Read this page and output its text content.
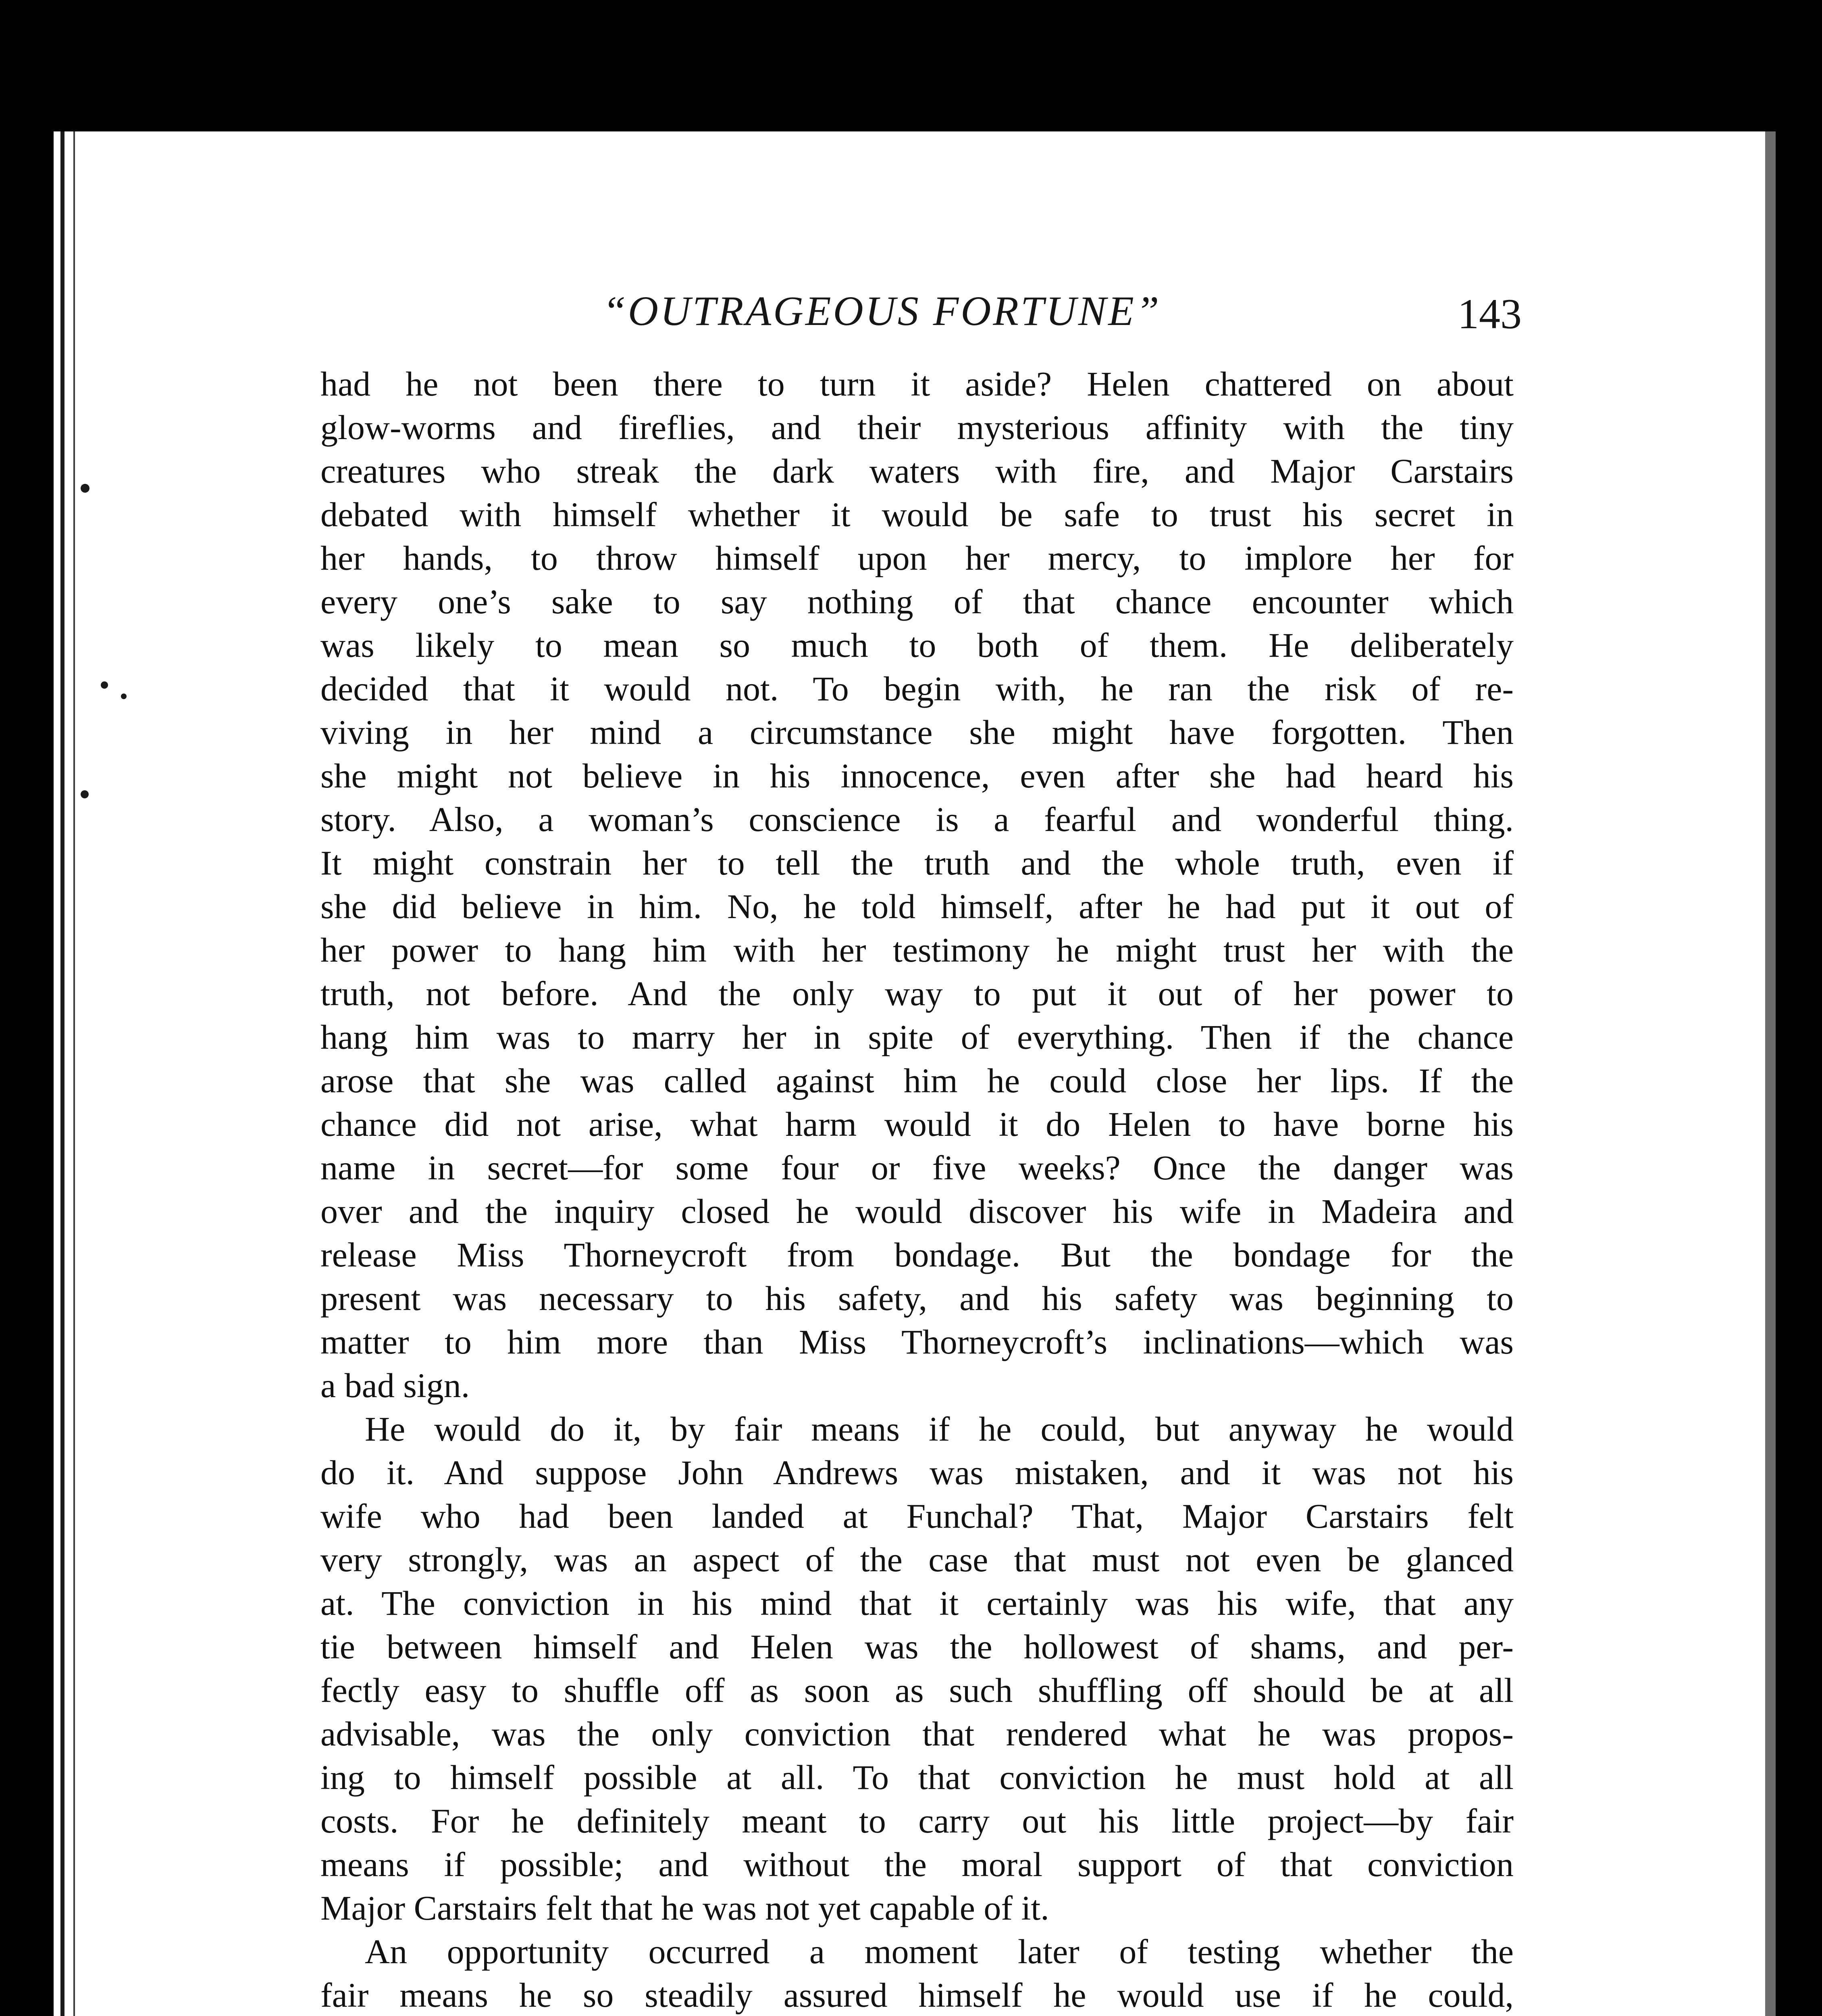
“OUTRAGEOUS FORTUNE”	143
had he not been there to turn it aside? Helen chattered on about
glow-worms and fireflies, and their mysterious affinity with the tiny
creatures who streak the dark waters with fire, and Major Carstairs
debated with himself whether it would be safe to trust his secret in
her hands, to throw himself upon her mercy, to implore her for
every one’s sake to say nothing of that chance encounter which
was likely to mean so much to both of them. He deliberately
decided that it would not. To begin with, he ran the risk of re-
viving in her mind a circumstance she might have forgotten. Then
she might not believe in his innocence, even after she had heard his
story. Also, a woman’s conscience is a fearful and wonderful thing.
It might constrain her to tell the truth and the whole truth, even if
she did believe in him. No, he told himself, after he had put it out of
her power to hang him with her testimony he might trust her with the
truth, not before. And the only way to put it out of her power to
hang him was to marry her in spite of everything. Then if the chance
arose that she was called against him he could close her lips. If the
chance did not arise, what harm would it do Helen to have borne his
name in secret—for some four or five weeks? Once the danger was
over and the inquiry closed he would discover his wife in Madeira and
release Miss Thorneycroft from bondage. But the bondage for the
present was necessary to his safety, and his safety was beginning to
matter to him more than Miss Thorneycroft’s inclinations—which was
a bad sign.
He would do it, by fair means if he could, but anyway he would
do it. And suppose John Andrews was mistaken, and it was not his
wife who had been landed at Funchal? That, Major Carstairs felt
very strongly, was an aspect of the case that must not even be glanced
at. The conviction in his mind that it certainly was his wife, that any
tie between himself and Helen was the hollowest of shams, and per-
fectly easy to shuffle off as soon as such shuffling off should be at all
advisable, was the only conviction that rendered what he was propos-
ing to himself possible at all. To that conviction he must hold at all
costs. For he definitely meant to carry out his little project—by fair
means if possible; and without the moral support of that conviction
Major Carstairs felt that he was not yet capable of it.
An opportunity occurred a moment later of testing whether the
fair means he so steadily assured himself he would use if he could,
